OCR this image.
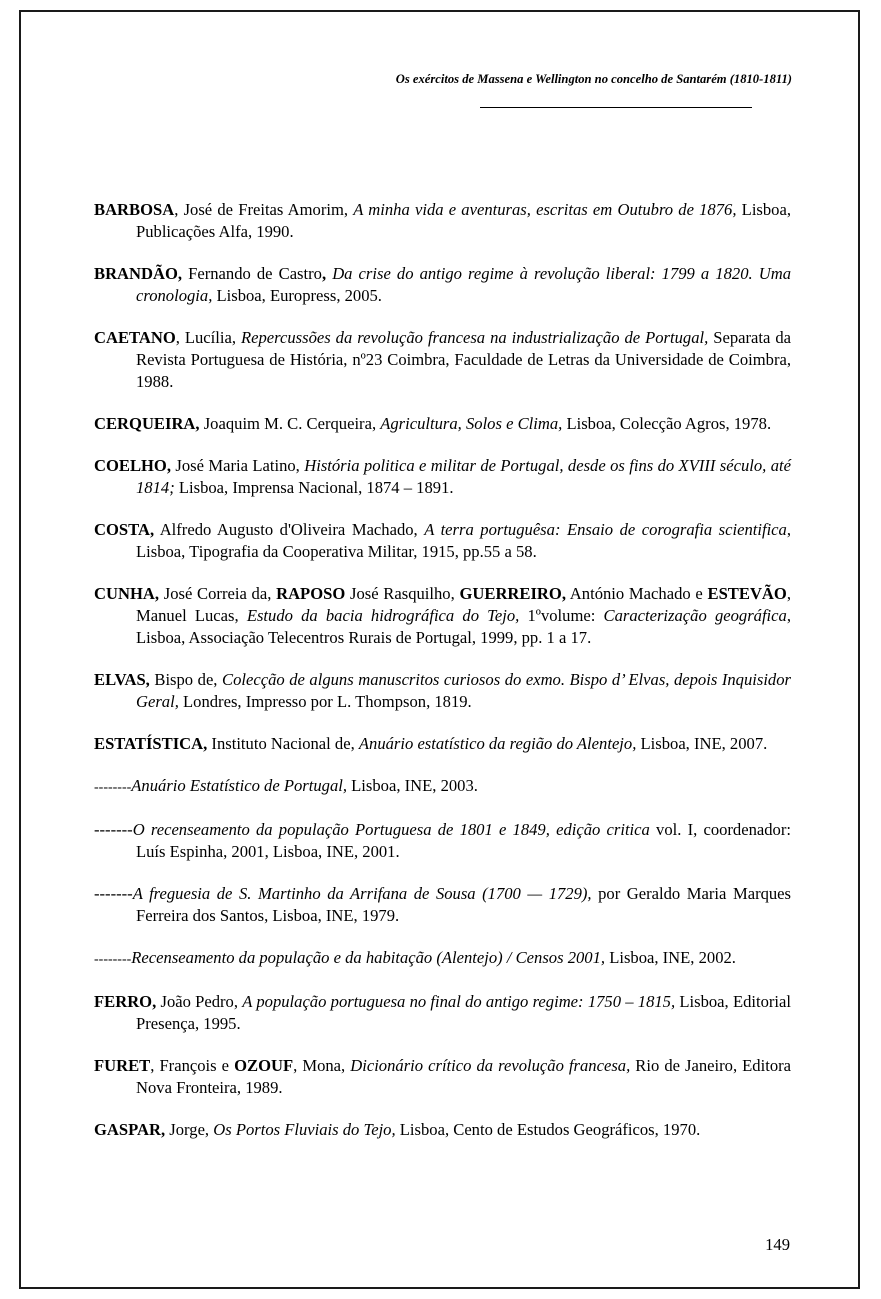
Os exércitos de Massena e Wellington no concelho de Santarém (1810-1811)

BARBOSA, José de Freitas Amorim, A minha vida e aventuras, escritas em Outubro de 1876, Lisboa, Publicações Alfa, 1990.

BRANDÃO, Fernando de Castro, Da crise do antigo regime à revolução liberal: 1799 a 1820. Uma cronologia, Lisboa, Europress, 2005.

CAETANO, Lucília, Repercussões da revolução francesa na industrialização de Portugal, Separata da Revista Portuguesa de História, nº23 Coimbra, Faculdade de Letras da Universidade de Coimbra, 1988.

CERQUEIRA, Joaquim M. C. Cerqueira, Agricultura, Solos e Clima, Lisboa, Colecção Agros, 1978.

COELHO, José Maria Latino, História politica e militar de Portugal, desde os fins do XVIII século, até 1814; Lisboa, Imprensa Nacional, 1874 – 1891.

COSTA, Alfredo Augusto d'Oliveira Machado, A terra portuguêsa: Ensaio de corografia scientifica, Lisboa, Tipografia da Cooperativa Militar, 1915, pp.55 a 58.

CUNHA, José Correia da, RAPOSO José Rasquilho, GUERREIRO, António Machado e ESTEVÃO, Manuel Lucas, Estudo da bacia hidrográfica do Tejo, 1ºvolume: Caracterização geográfica, Lisboa, Associação Telecentros Rurais de Portugal, 1999, pp. 1 a 17.

ELVAS, Bispo de, Colecção de alguns manuscritos curiosos do exmo. Bispo d’ Elvas, depois Inquisidor Geral, Londres, Impresso por L. Thompson, 1819.

ESTATÍSTICA, Instituto Nacional de, Anuário estatístico da região do Alentejo, Lisboa, INE, 2007.

--------Anuário Estatístico de Portugal, Lisboa, INE, 2003.

-------O recenseamento da população Portuguesa de 1801 e 1849, edição critica vol. I, coordenador: Luís Espinha, 2001, Lisboa, INE, 2001.

-------A freguesia de S. Martinho da Arrifana de Sousa (1700 — 1729), por Geraldo Maria Marques Ferreira dos Santos, Lisboa, INE, 1979.

--------Recenseamento da população e da habitação (Alentejo) / Censos 2001, Lisboa, INE, 2002.

FERRO, João Pedro, A população portuguesa no final do antigo regime: 1750 – 1815, Lisboa, Editorial Presença, 1995.

FURET, François e OZOUF, Mona, Dicionário crítico da revolução francesa, Rio de Janeiro, Editora Nova Fronteira, 1989.

GASPAR, Jorge, Os Portos Fluviais do Tejo, Lisboa, Cento de Estudos Geográficos, 1970.

149
